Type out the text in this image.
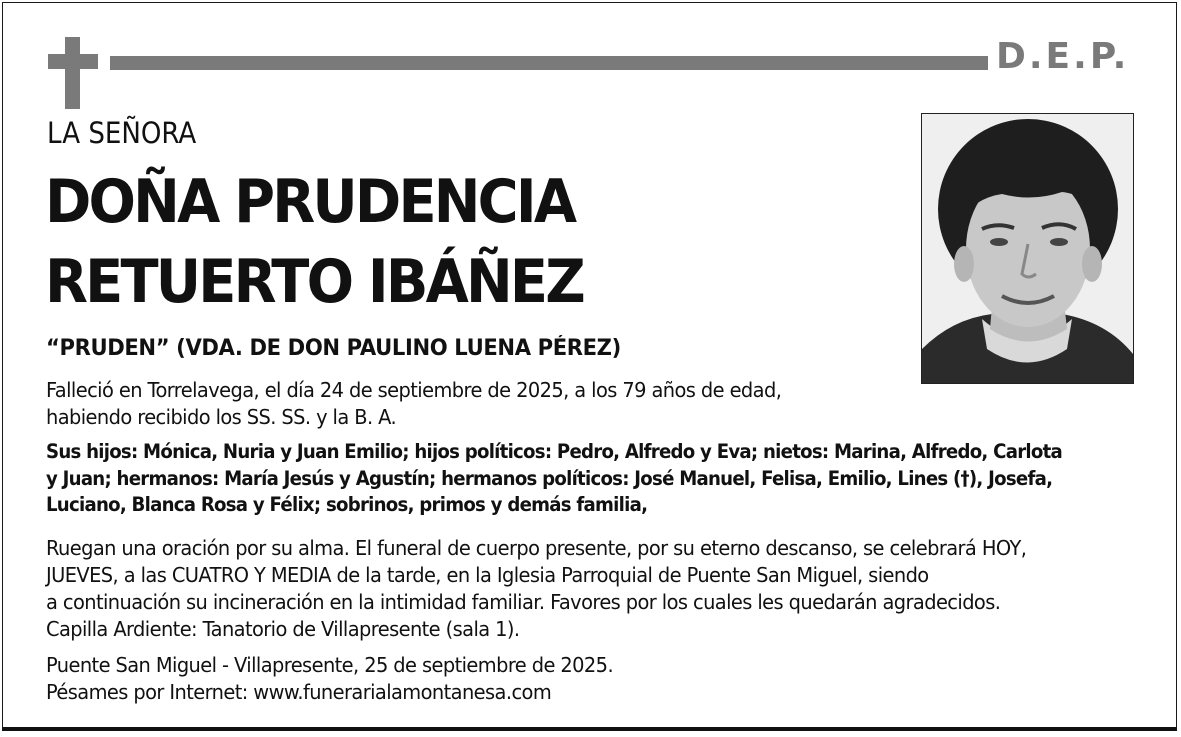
D.E.P.
LA SEÑORA
DOÑA PRUDENCIA
RETUERTO IBÁÑEZ
“PRUDEN” (VDA. DE DON PAULINO LUENA PÉREZ)
Falleció en Torrelavega, el día 24 de septiembre de 2025, a los 79 años de edad,
habiendo recibido los SS. SS. y la B. A.
Sus hijos: Mónica, Nuria y Juan Emilio; hijos políticos: Pedro, Alfredo y Eva; nietos: Marina, Alfredo, Carlota
y Juan; hermanos: María Jesús y Agustín; hermanos políticos: José Manuel, Felisa, Emilio, Lines (†), Josefa,
Luciano, Blanca Rosa y Félix; sobrinos, primos y demás familia,
Ruegan una oración por su alma. El funeral de cuerpo presente, por su eterno descanso, se celebrará HOY,
JUEVES, a las CUATRO Y MEDIA de la tarde, en la Iglesia Parroquial de Puente San Miguel, siendo
a continuación su incineración en la intimidad familiar. Favores por los cuales les quedarán agradecidos.
Capilla Ardiente: Tanatorio de Villapresente (sala 1).
Puente San Miguel - Villapresente, 25 de septiembre de 2025.
Pésames por Internet: www.funerarialamontanesa.com
